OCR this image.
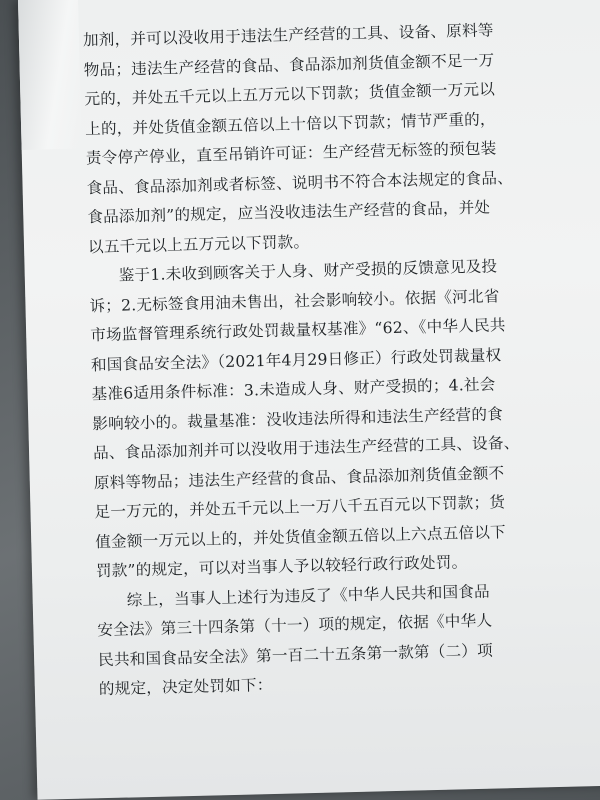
加剂，并可以没收用于违法生产经营的工具、设备、原料等
物品；违法生产经营的食品、食品添加剂货值金额不足一万
元的，并处五千元以上五万元以下罚款；货值金额一万元以
上的，并处货值金额五倍以上十倍以下罚款；情节严重的，
责令停产停业，直至吊销许可证：生产经营无标签的预包装
食品、食品添加剂或者标签、说明书不符合本法规定的食品、
食品添加剂”的规定，应当没收违法生产经营的食品，并处
以五千元以上五万元以下罚款。
鉴于1.未收到顾客关于人身、财产受损的反馈意见及投
诉；2.无标签食用油未售出，社会影响较小。依据《河北省
市场监督管理系统行政处罚裁量权基准》“62、《中华人民共
和国食品安全法》（2021年4月29日修正）行政处罚裁量权
基准6适用条件标准：3.未造成人身、财产受损的；4.社会
影响较小的。裁量基准：没收违法所得和违法生产经营的食
品、食品添加剂并可以没收用于违法生产经营的工具、设备、
原料等物品；违法生产经营的食品、食品添加剂货值金额不
足一万元的，并处五千元以上一万八千五百元以下罚款；货
值金额一万元以上的，并处货值金额五倍以上六点五倍以下
罚款”的规定，可以对当事人予以较轻行政行政处罚。
综上，当事人上述行为违反了《中华人民共和国食品
安全法》第三十四条第（十一）项的规定，依据《中华人
民共和国食品安全法》第一百二十五条第一款第（二）项
的规定，决定处罚如下：
